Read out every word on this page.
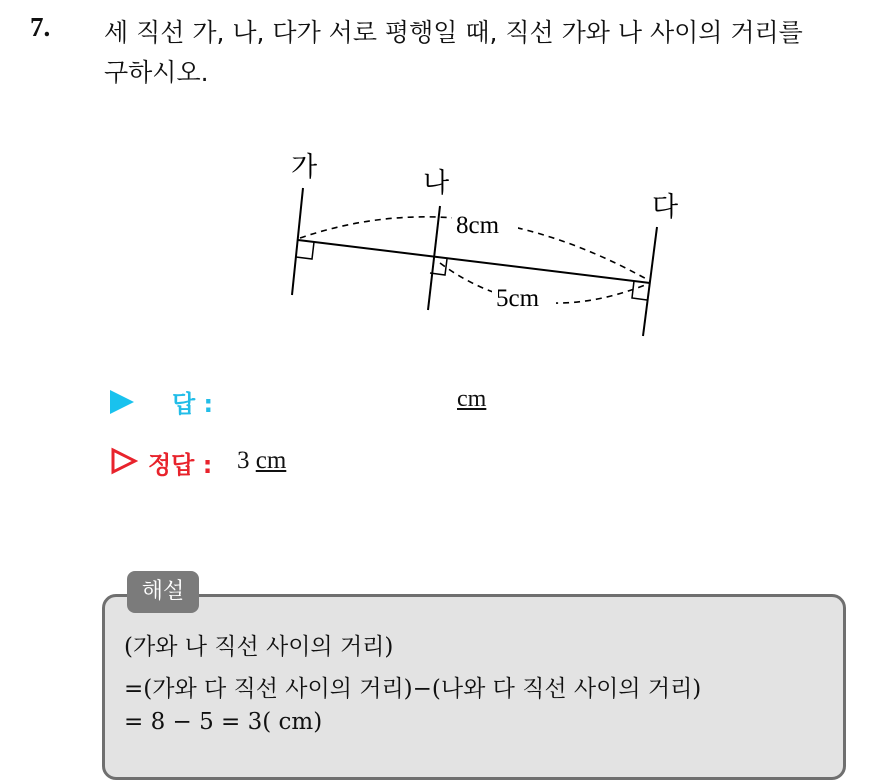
7. 세 직선 가, 나, 다가 서로 평행일 때, 직선 가와 나 사이의 거리를
구하시오.
가
나
다
8cm
5cm
답 :	cm
정답 : 3 cm
해설
(가와 나 직선 사이의 거리)
=(가와 다 직선 사이의 거리)−(나와 다 직선 사이의 거리)
= 8 − 5 = 3( cm)
